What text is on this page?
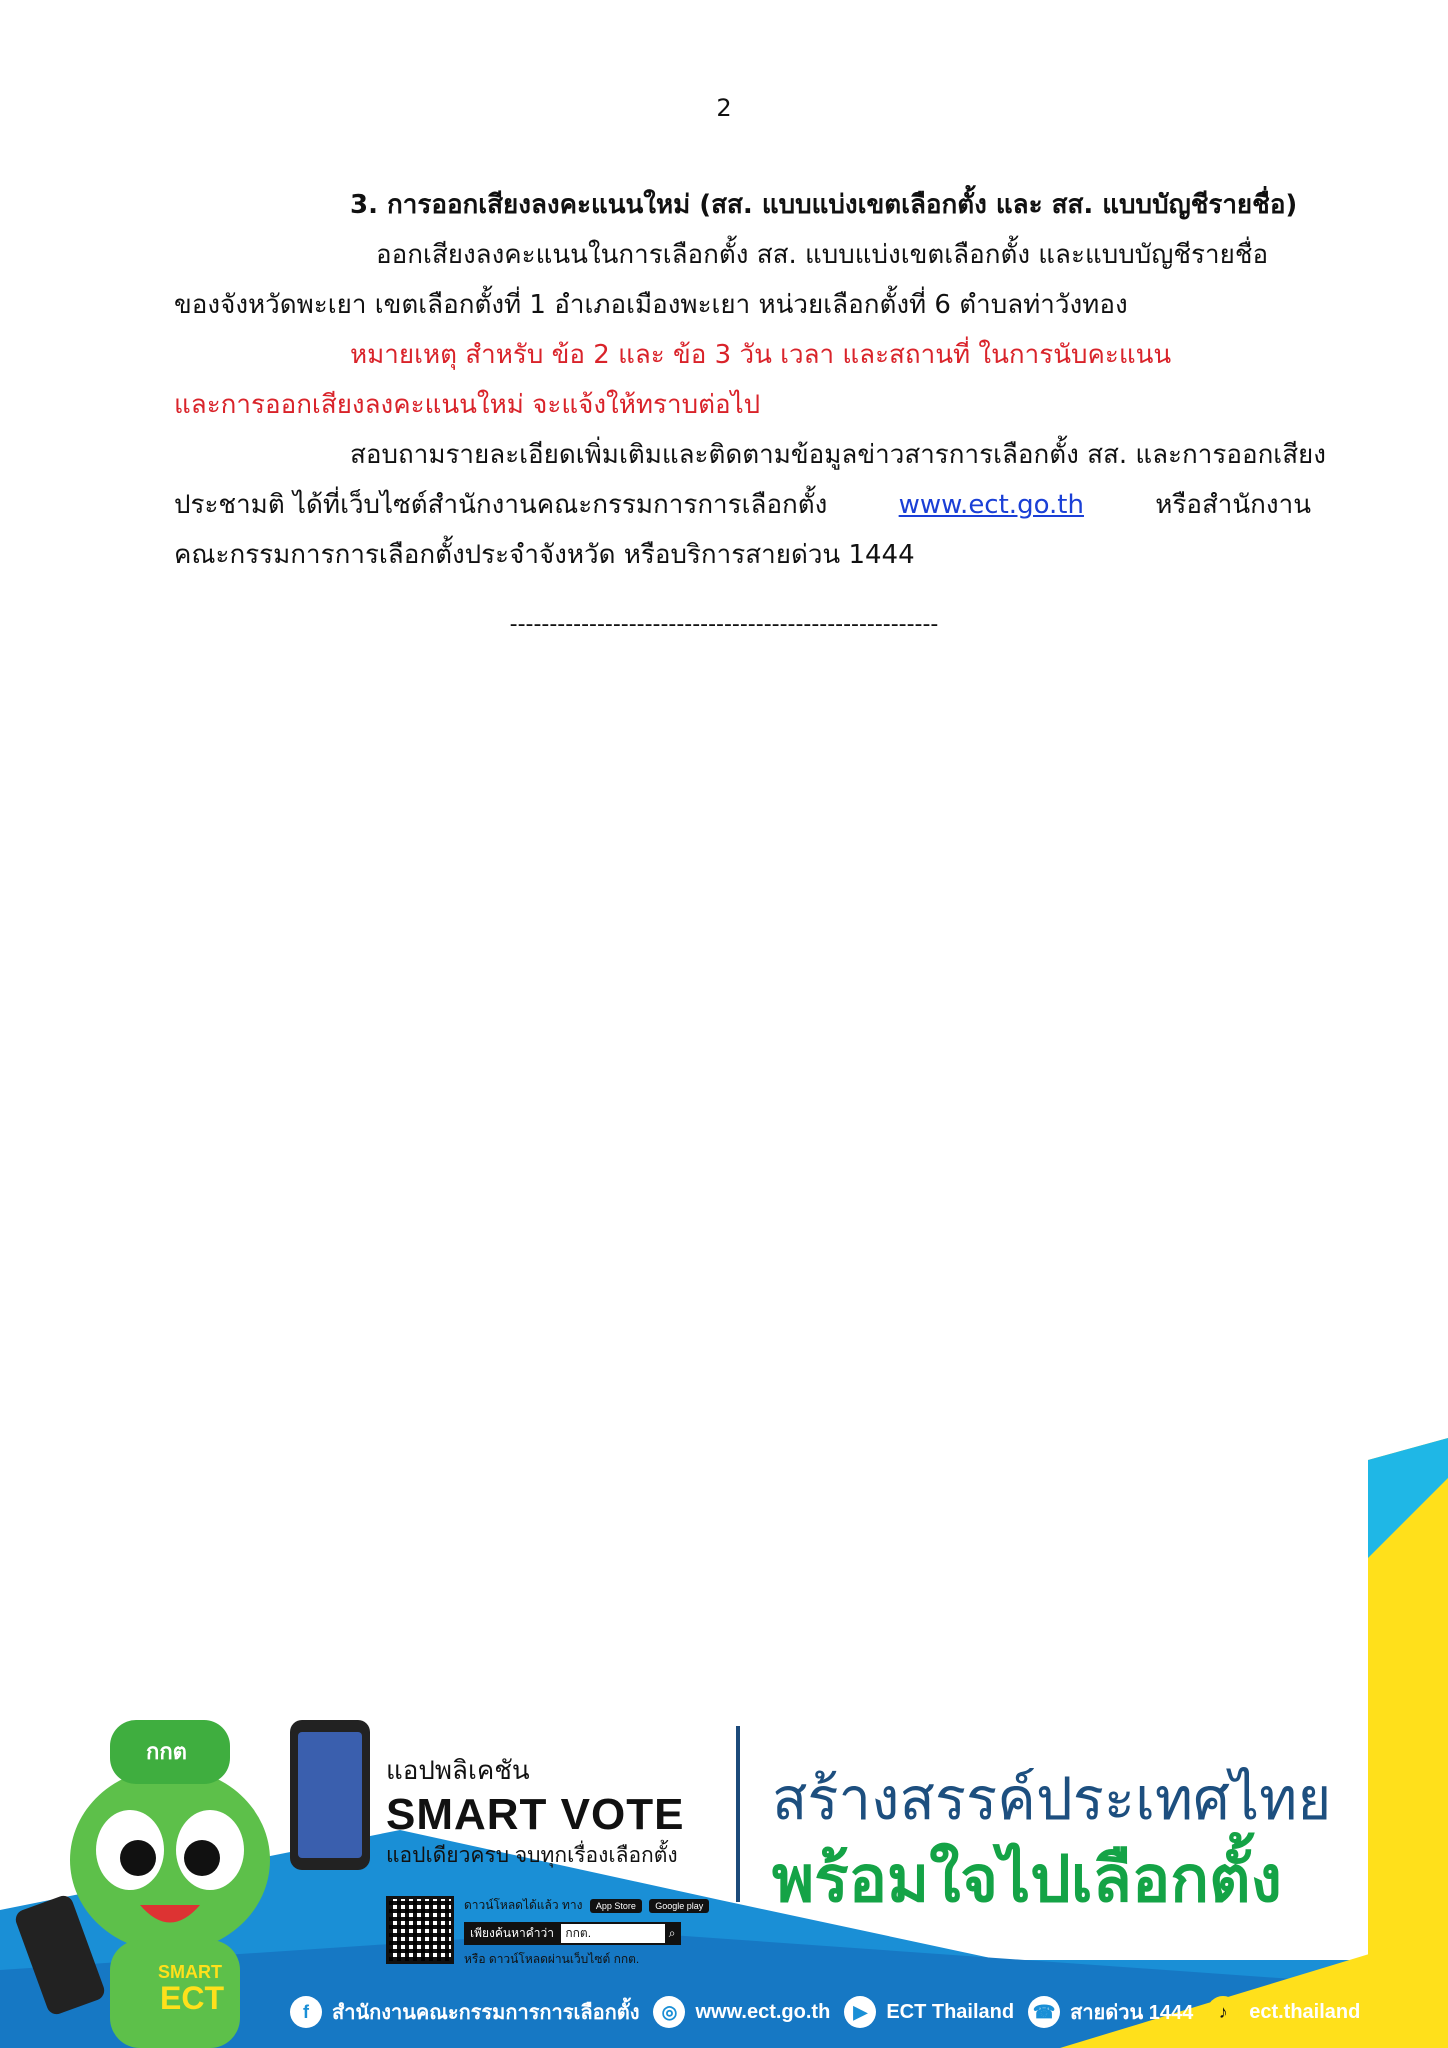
2
3. การออกเสียงลงคะแนนใหม่ (สส. แบบแบ่งเขตเลือกตั้ง และ สส. แบบบัญชีรายชื่อ)
ออกเสียงลงคะแนนในการเลือกตั้ง สส. แบบแบ่งเขตเลือกตั้ง และแบบบัญชีรายชื่อ
ของจังหวัดพะเยา เขตเลือกตั้งที่ 1 อำเภอเมืองพะเยา หน่วยเลือกตั้งที่ 6 ตำบลท่าวังทอง
หมายเหตุ สำหรับ ข้อ 2 และ ข้อ 3 วัน เวลา และสถานที่ ในการนับคะแนน
และการออกเสียงลงคะแนนใหม่ จะแจ้งให้ทราบต่อไป
สอบถามรายละเอียดเพิ่มเติมและติดตามข้อมูลข่าวสารการเลือกตั้ง สส. และการออกเสียง
ประชามติ ได้ที่เว็บไซต์สำนักงานคณะกรรมการการเลือกตั้ง	www.ect.go.th	หรือสำนักงาน
คณะกรรมการการเลือกตั้งประจำจังหวัด หรือบริการสายด่วน 1444
------------------------------------------------------
กกต
SMART
ECT
แอปพลิเคชัน
SMART VOTE
แอปเดียวครบ จบทุกเรื่องเลือกตั้ง
ดาวน์โหลดได้แล้ว ทาง App Store Google play
เพียงค้นหาคำว่า กกต.	⌕
หรือ ดาวน์โหลดผ่านเว็บไซต์ กกต.
สร้างสรรค์ประเทศไทย
พร้อมใจไปเลือกตั้ง
f	สำนักงานคณะกรรมการการเลือกตั้ง	◎ www.ect.go.th	▶ ECT Thailand ☎ สายด่วน 1444	♪	ect.thailand
